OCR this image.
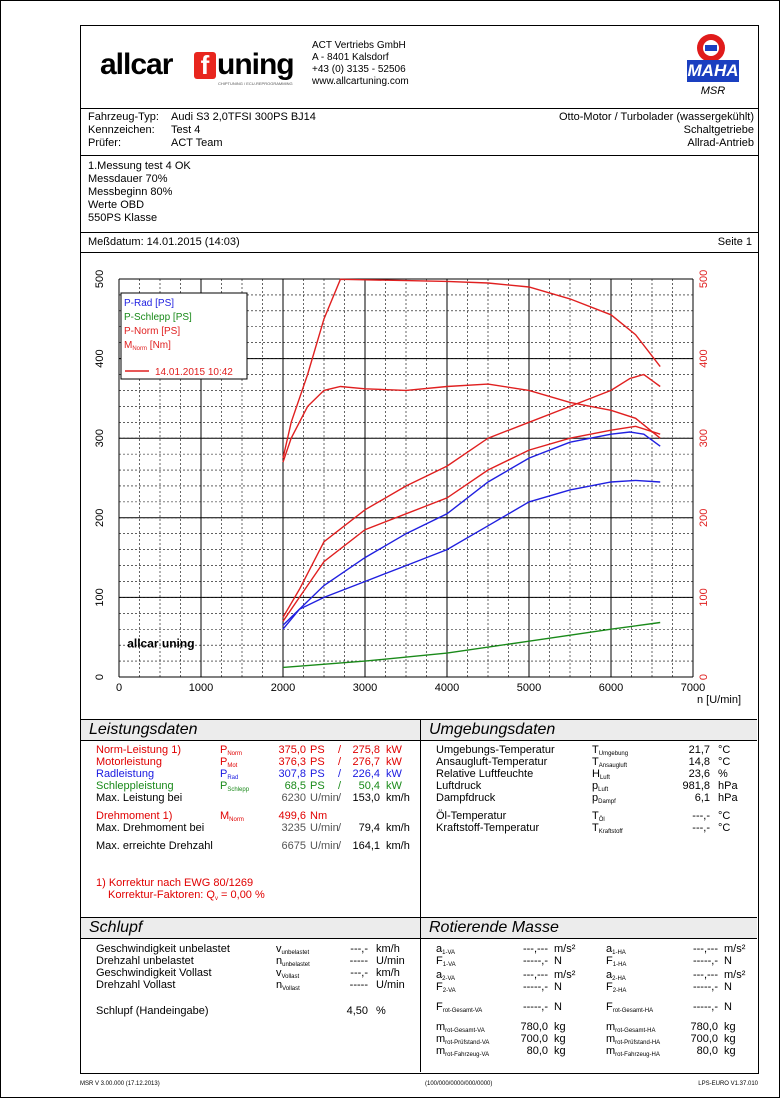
allcar f uning
CHIPTUNING / ECU-REPROGRAMMING
ACT Vertriebs GmbH
A - 8401 Kalsdorf
+43 (0) 3135 - 52506
www.allcartuning.com
MAHA
Maschinenbau Haldenwang
MSR
Fahrzeug-Typ: Audi S3 2,0TFSI 300PS BJ14
Kennzeichen: Test 4
Prüfer:	ACT Team
Otto-Motor / Turbolader (wassergekühlt)
Schaltgetriebe
Allrad-Antrieb
1.Messung test 4 OK
Messdauer 70%
Messbeginn 80%
Werte OBD
550PS Klasse
Meßdatum: 14.01.2015 (14:03)	Seite 1
0	1000	2000	3000	4000	5000	6000	7000
n [U/min]
0
100
200
300
400
500
0
100
200
300
400
500
allcar uning
P-Rad [PS]
P-Schlepp [PS]
P-Norm [PS]
$M_{Norm}$ [Nm]
14.01.2015 10:42
Leistungsdaten	Umgebungsdaten
Norm-Leistung 1)	$P_{Norm}$	375,0 PS /	275,8 kW
Motorleistung	$P_{Mot}$	376,3 PS /	276,7 kW
Radleistung	$P_{Rad}$	307,8 PS /	226,4 kW
Schleppleistung	$P_{Schlepp}$	68,5 PS /	50,4 kW
Max. Leistung bei	6230 U/min /	153,0 km/h
Drehmoment 1)	$M_{Norm}$	499,6 Nm
Max. Drehmoment bei	3235 U/min /	79,4 km/h
Max. erreichte Drehzahl	6675 U/min /	164,1 km/h
1) Korrektur nach EWG 80/1269
Korrektur-Faktoren: $Q_v = 0,00$ %
Umgebungs-Temperatur	$T_{Umgebung}$	21,7 °C
Ansaugluft-Temperatur	$T_{Ansaugluft}$	14,8 °C
Relative Luftfeuchte	$H_{Luft}$	23,6 %
Luftdruck	$p_{Luft}$	981,8 hPa
Dampfdruck	$p_{Dampf}$	6,1 hPa
Öl-Temperatur	$T_{Öl}$	---,- °C
Kraftstoff-Temperatur	$T_{Kraftstoff}$	---,- °C
Schlupf	Rotierende Masse
Geschwindigkeit unbelastet	$v_{unbelastet}$	---,- km/h
Drehzahl unbelastet	$n_{unbelastet}$	----- U/min
Geschwindigkeit Vollast	$v_{Vollast}$	---,- km/h
Drehzahl Vollast	$n_{Vollast}$	----- U/min
Schlupf (Handeingabe)	4,50 %
$a_{1-VA}$	---,--- m/s²
$F_{1-VA}$	-----,- N
$a_{2-VA}$	---,--- m/s²
$F_{2-VA}$	-----,- N
$F_{rot-Gesamt-VA}$	-----,- N
$m_{rot-Gesamt-VA}$	780,0 kg
$m_{rot-Prüfstand-VA}$	700,0 kg
$m_{rot-Fahrzeug-VA}$	80,0 kg
$a_{1-HA}$	---,--- m/s²
$F_{1-HA}$	-----,- N
$a_{2-HA}$	---,--- m/s²
$F_{2-HA}$	-----,- N
$F_{rot-Gesamt-HA}$	-----,- N
$m_{rot-Gesamt-HA}$	780,0 kg
$m_{rot-Prüfstand-HA}$	700,0 kg
$m_{rot-Fahrzeug-HA}$	80,0 kg
MSR V 3.00.000 (17.12.2013)	(100/000/0000/000/0000)	LPS-EURO V1.37.010
